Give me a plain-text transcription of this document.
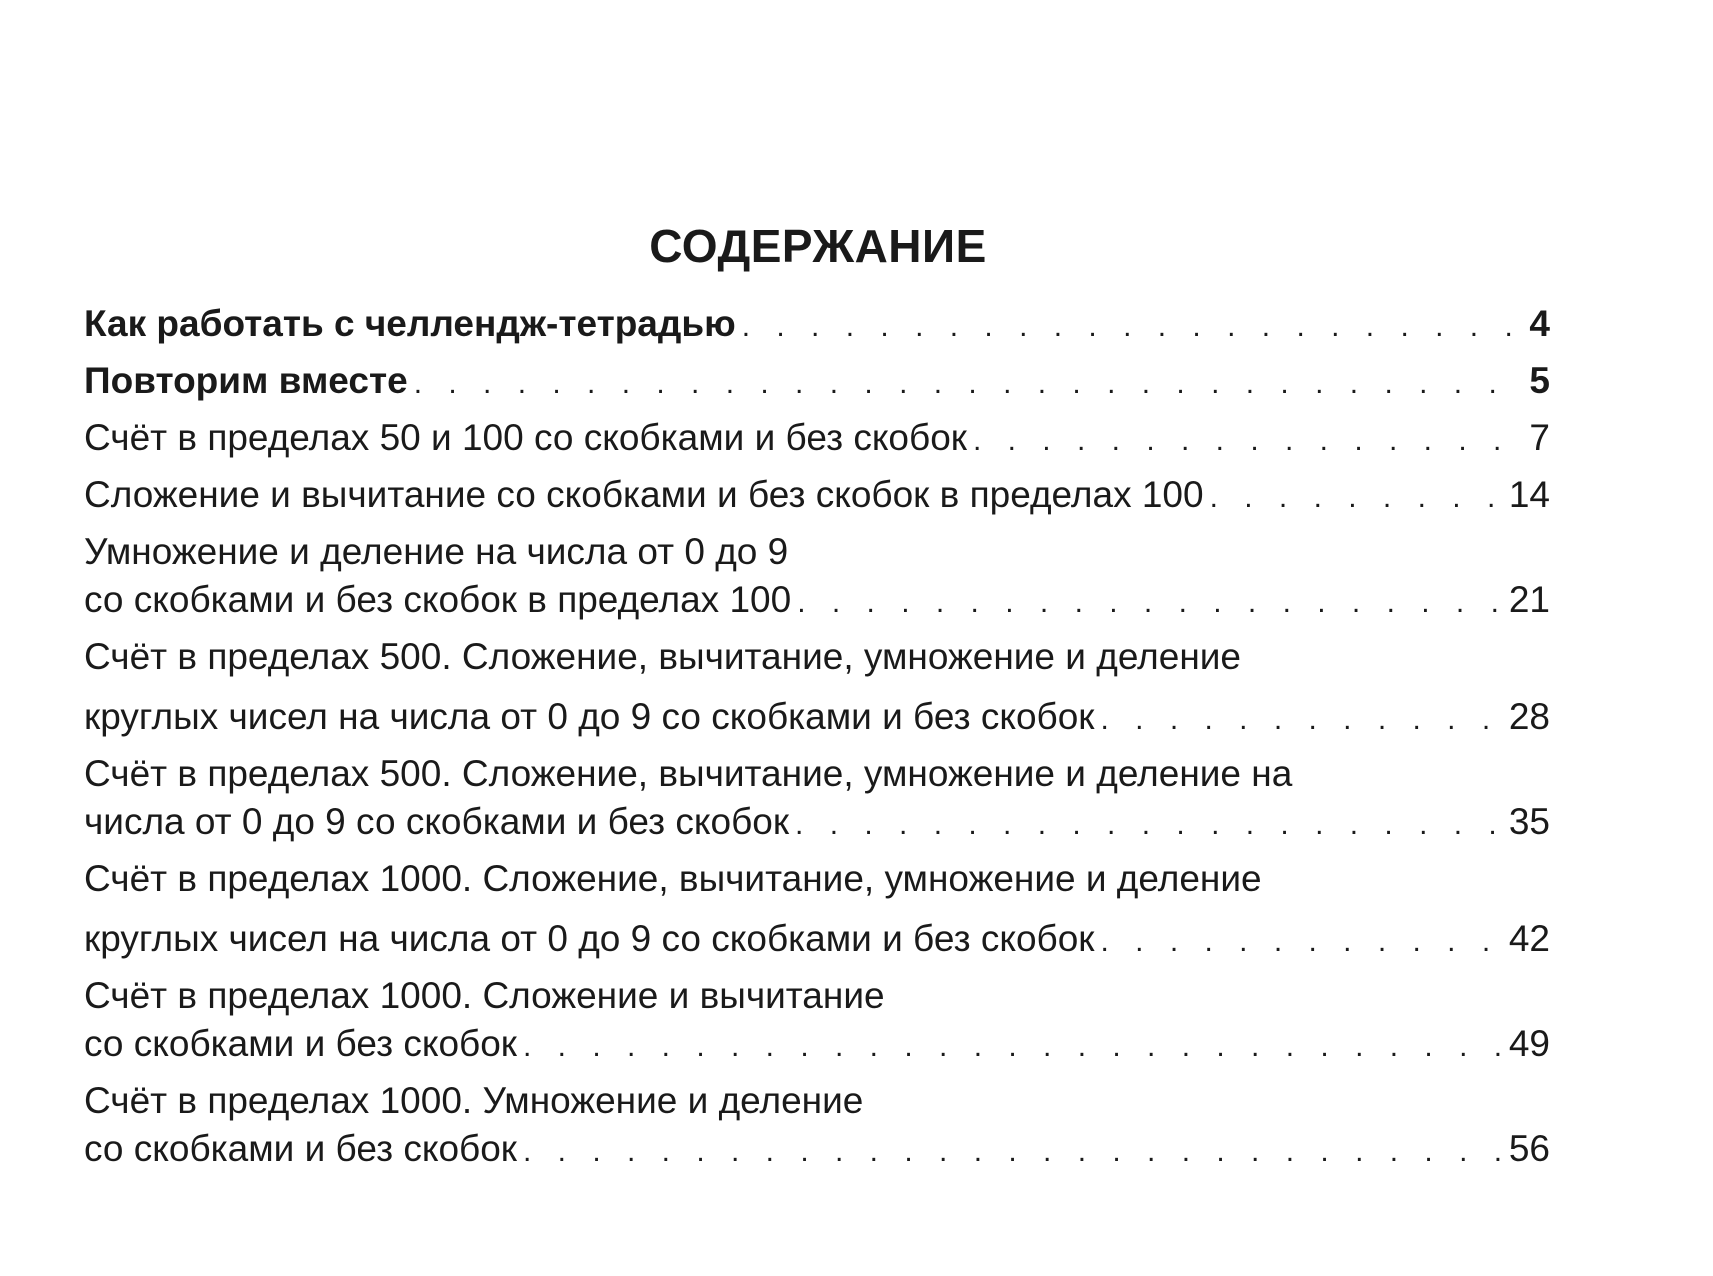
СОДЕРЖАНИЕ
Как работать с челлендж-тетрадью . . .	4
Повторим вместе . . .	5
Счёт в пределах 50 и 100 со скобками и без скобок . . .	7
Сложение и вычитание со скобками и без скобок в пределах 100 . . .	14
Умножение и деление на числа от 0 до 9
со скобками и без скобок в пределах 100 . . .	21
Счёт в пределах 500. Сложение, вычитание, умножение и деление
круглых чисел на числа от 0 до 9 со скобками и без скобок . . .	28
Счёт в пределах 500. Сложение, вычитание, умножение и деление на
числа от 0 до 9 со скобками и без скобок . . .	35
Счёт в пределах 1000. Сложение, вычитание, умножение и деление
круглых чисел на числа от 0 до 9 со скобками и без скобок . . .	42
Счёт в пределах 1000. Сложение и вычитание
со скобками и без скобок . . .	49
Счёт в пределах 1000. Умножение и деление
со скобками и без скобок . . .	56
